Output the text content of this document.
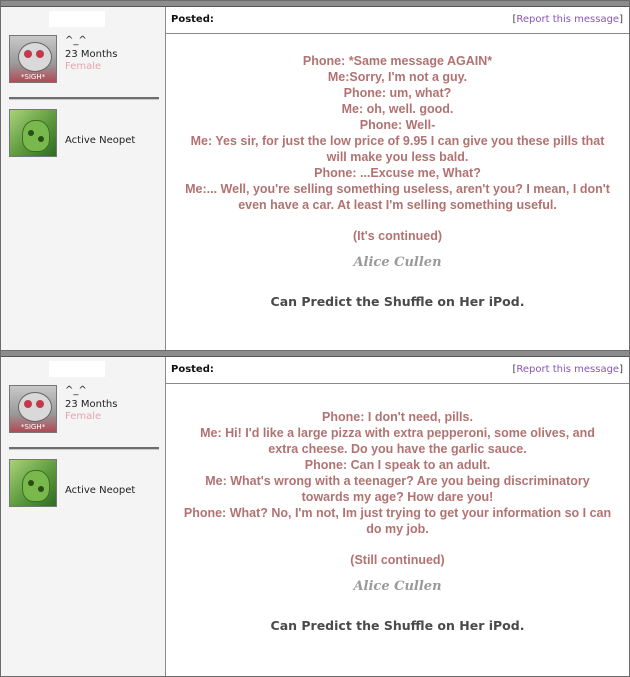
*SIGH*
^_^
23 Months
Female
Active Neopet
Posted:	[Report this message]

Phone: *Same message AGAIN*

Me:Sorry, I'm not a guy.

Phone: um, what?

Me: oh, well. good.

Phone: Well-

Me: Yes sir, for just the low price of 9.95 I can give you these pills that

will make you less bald.

Phone: ...Excuse me, What?

Me:... Well, you're selling something useless, aren't you? I mean, I don't

even have a car. At least I'm selling something useful.

(It's continued)
Alice Cullen
Can Predict the Shuffle on Her iPod.
*SIGH*
^_^
23 Months
Female
Active Neopet
Posted:	[Report this message]

Phone: I don't need, pills.

Me: Hi! I'd like a large pizza with extra pepperoni, some olives, and

extra cheese. Do you have the garlic sauce.

Phone: Can I speak to an adult.

Me: What's wrong with a teenager? Are you being discriminatory

towards my age? How dare you!

Phone: What? No, I'm not, Im just trying to get your information so I can

do my job.

(Still continued)
Alice Cullen
Can Predict the Shuffle on Her iPod.
